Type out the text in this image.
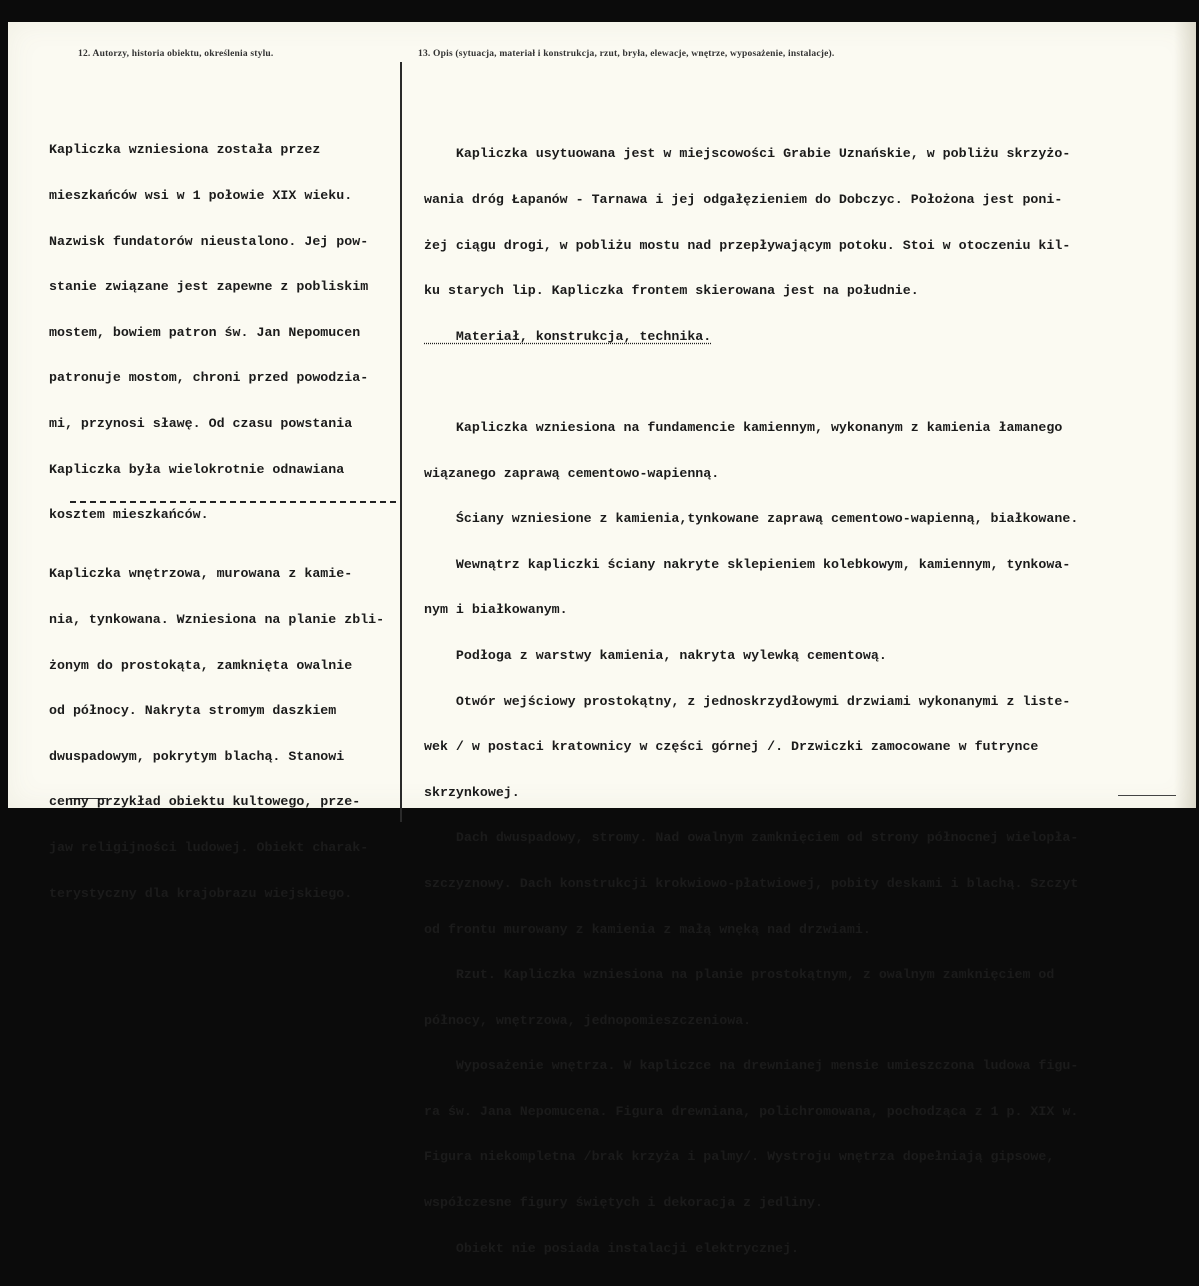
12. Autorzy, historia obiektu, określenia stylu.	13. Opis (sytuacja, materiał i konstrukcja, rzut, bryła, elewacje, wnętrze, wyposażenie, instalacje).

Kapliczka wzniesiona została przez

mieszkańców wsi w 1 połowie XIX wieku.

Nazwisk fundatorów nieustalono. Jej pow-

stanie związane jest zapewne z pobliskim

mostem, bowiem patron św. Jan Nepomucen

patronuje mostom, chroni przed powodzia-

mi, przynosi sławę. Od czasu powstania

Kapliczka była wielokrotnie odnawiana

kosztem mieszkańców.

Kapliczka wnętrzowa, murowana z kamie-

nia, tynkowana. Wzniesiona na planie zbli-

żonym do prostokąta, zamknięta owalnie

od północy. Nakryta stromym daszkiem

dwuspadowym, pokrytym blachą. Stanowi

cenny przykład obiektu kultowego, prze-

jaw religijności ludowej. Obiekt charak-

terystyczny dla krajobrazu wiejskiego.

Kapliczka usytuowana jest w miejscowości Grabie Uznańskie, w pobliżu skrzyżo-

wania dróg Łapanów - Tarnawa i jej odgałęzieniem do Dobczyc. Położona jest poni-

żej ciągu drogi, w pobliżu mostu nad przepływającym potoku. Stoi w otoczeniu kil-

ku starych lip. Kapliczka frontem skierowana jest na południe.

Materiał, konstrukcja, technika.

Kapliczka wzniesiona na fundamencie kamiennym, wykonanym z kamienia łamanego

wiązanego zaprawą cementowo-wapienną.

Ściany wzniesione z kamienia,tynkowane zaprawą cementowo-wapienną, białkowane.

Wewnątrz kapliczki ściany nakryte sklepieniem kolebkowym, kamiennym, tynkowa-

nym i białkowanym.

Podłoga z warstwy kamienia, nakryta wylewką cementową.

Otwór wejściowy prostokątny, z jednoskrzydłowymi drzwiami wykonanymi z listе-

wek / w postaci kratownicy w części górnej /. Drzwiczki zamocowane w futrynce

skrzynkowej.

Dach dwuspadowy, stromy. Nad owalnym zamknięciem od strony północnej wielopła-

szczyznowy. Dach konstrukcji krokwiowo-płatwiowej, pobity deskami i blachą. Szczyt

od frontu murowany z kamienia z małą wnęką nad drzwiami.

Rzut. Kapliczka wzniesiona na planie prostokątnym, z owalnym zamknięciem od

północy, wnętrzowa, jednopomieszczeniowa.

Wyposażenie wnętrza. W kapliczce na drewnianej mensie umieszczona ludowa figu-

ra św. Jana Nepomucena. Figura drewniana, polichromowana, pochodząca z 1 p. XIX w.

Figura niekompletna /brak krzyża i palmy/. Wystroju wnętrza dopełniają gipsowe,

współczesne figury świętych i dekoracja z jedliny.

Obiekt nie posiada instalacji elektrycznej.
